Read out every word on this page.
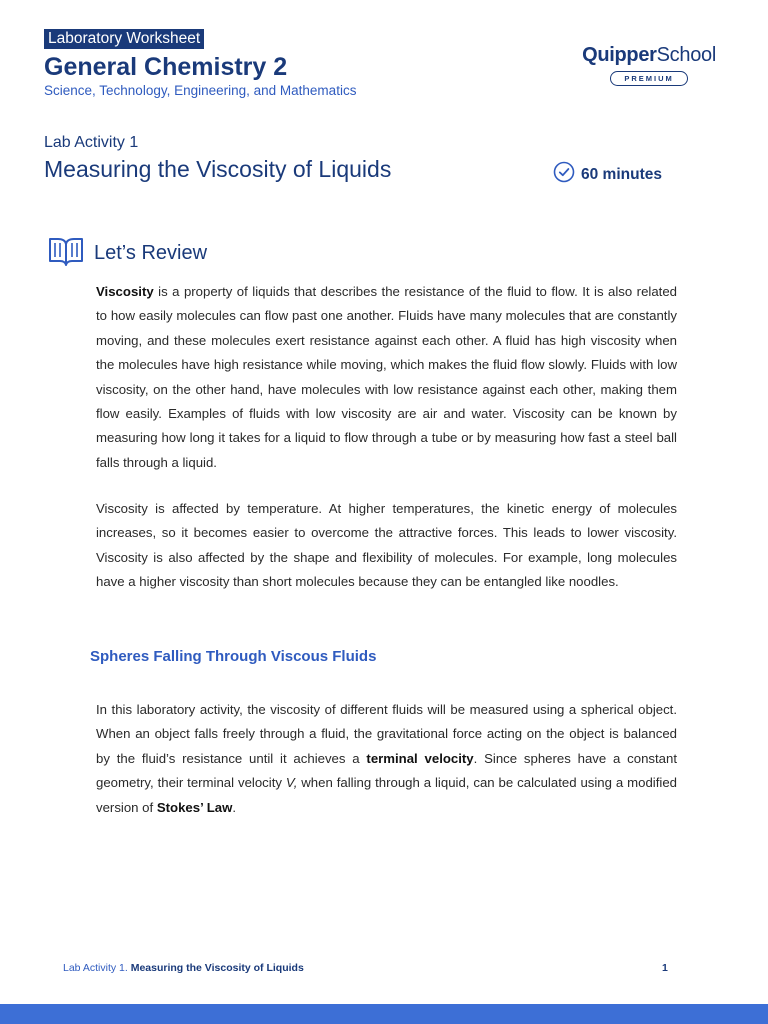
Laboratory Worksheet
General Chemistry 2
Science, Technology, Engineering, and Mathematics
QuipperSchool
PREMIUM
Lab Activity 1
Measuring the Viscosity of Liquids	60 minutes
Let’s Review

Viscosity is a property of liquids that describes the resistance of the fluid to flow. It is also related to how easily molecules can flow past one another. Fluids have many molecules that are constantly moving, and these molecules exert resistance against each other. A fluid has high viscosity when the molecules have high resistance while moving, which makes the fluid flow slowly. Fluids with low viscosity, on the other hand, have molecules with low resistance against each other, making them flow easily. Examples of fluids with low viscosity are air and water. Viscosity can be known by measuring how long it takes for a liquid to flow through a tube or by measuring how fast a steel ball falls through a liquid.

Viscosity is affected by temperature. At higher temperatures, the kinetic energy of molecules increases, so it becomes easier to overcome the attractive forces. This leads to lower viscosity. Viscosity is also affected by the shape and flexibility of molecules. For example, long molecules have a higher viscosity than short molecules because they can be entangled like noodles.

Spheres Falling Through Viscous Fluids

In this laboratory activity, the viscosity of different fluids will be measured using a spherical object. When an object falls freely through a fluid, the gravitational force acting on the object is balanced by the fluid’s resistance until it achieves a terminal velocity. Since spheres have a constant geometry, their terminal velocity V, when falling through a liquid, can be calculated using a modified version of Stokes’ Law.

Lab Activity 1. Measuring the Viscosity of Liquids	1
